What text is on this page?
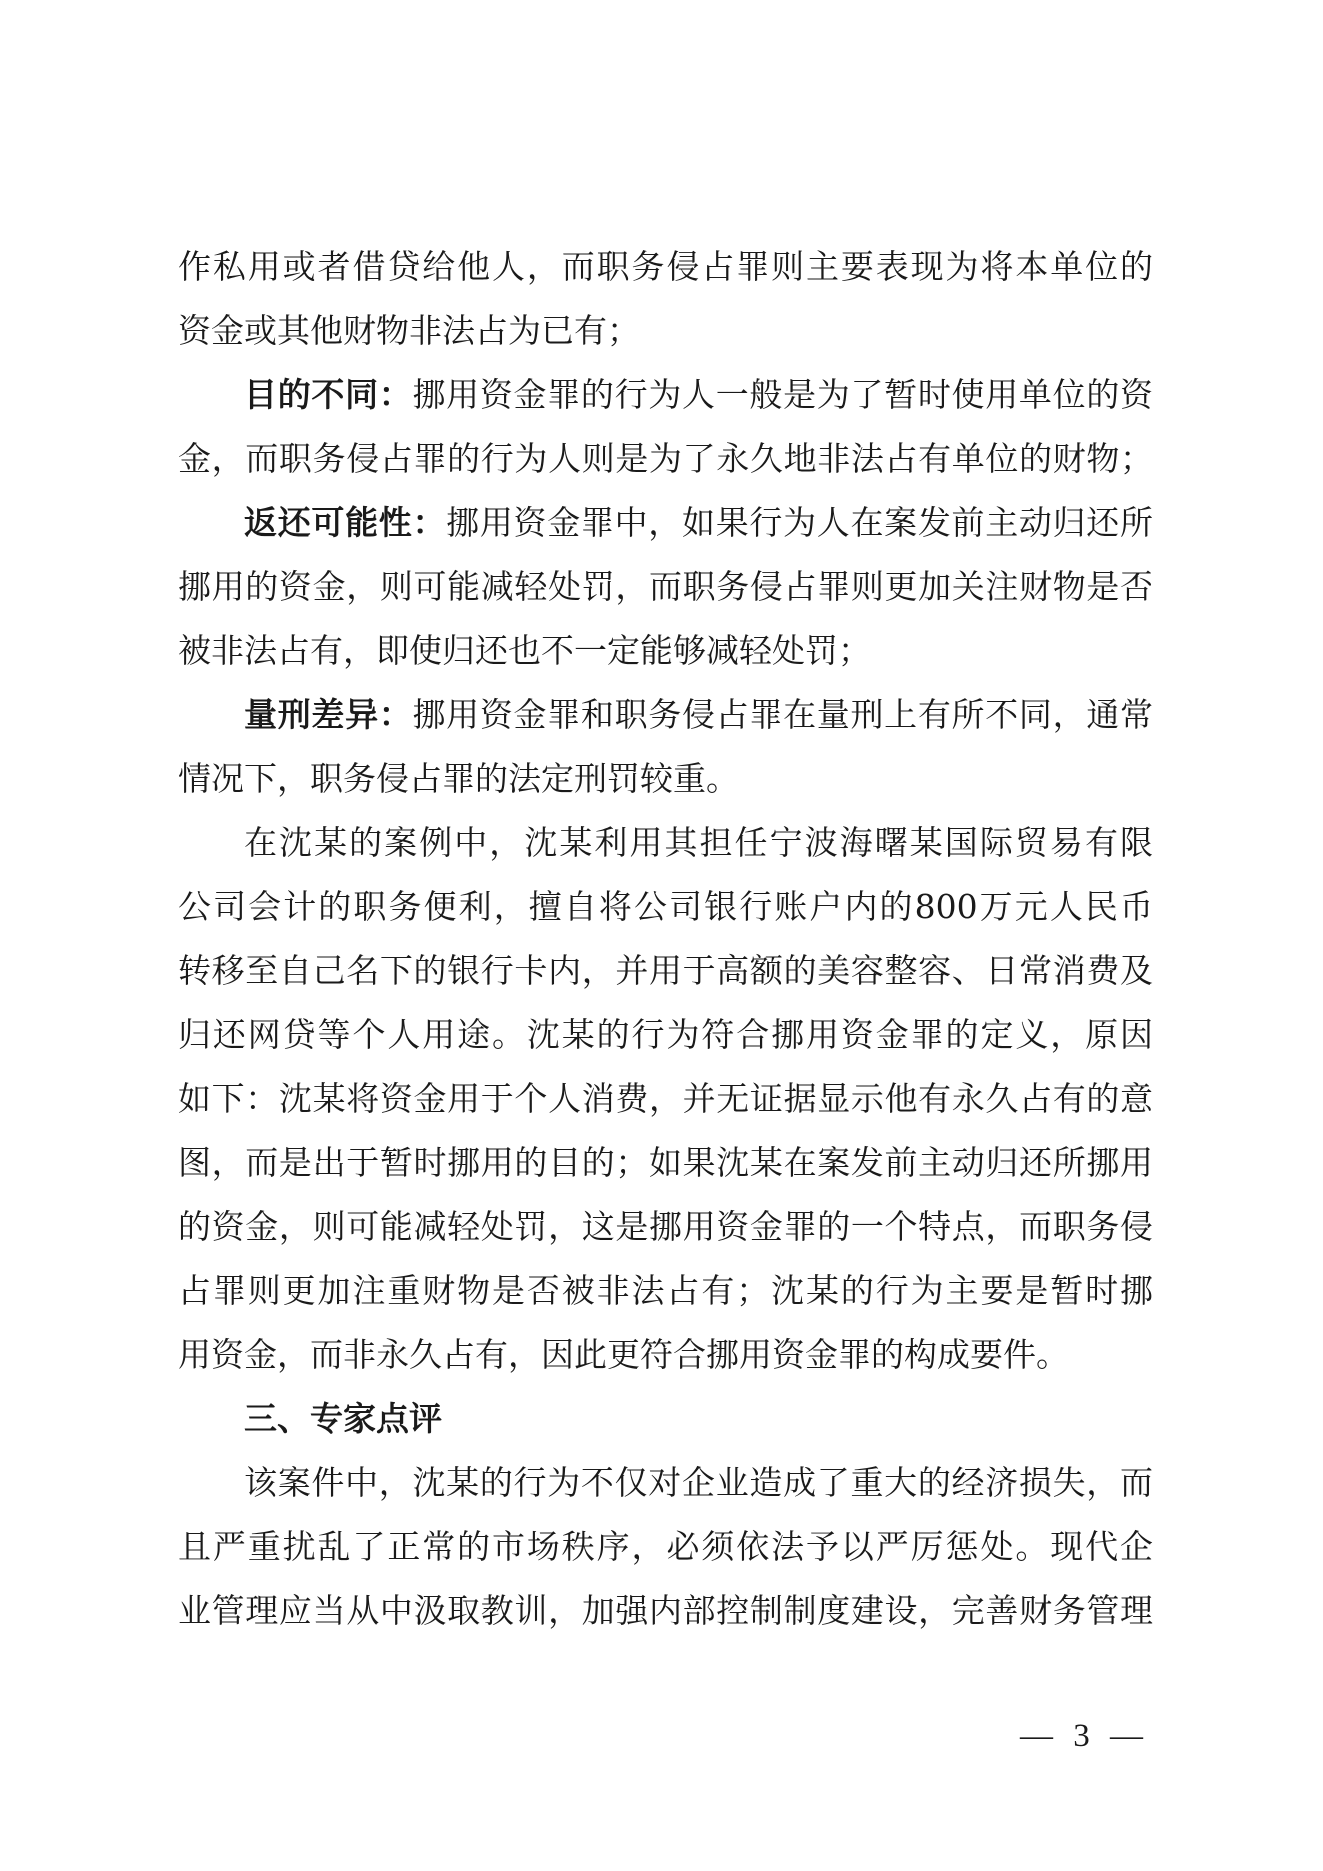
作私用或者借贷给他人，而职务侵占罪则主要表现为将本单位的
资金或其他财物非法占为已有；
目的不同：挪用资金罪的行为人一般是为了暂时使用单位的资
金，而职务侵占罪的行为人则是为了永久地非法占有单位的财物；
返还可能性：挪用资金罪中，如果行为人在案发前主动归还所
挪用的资金，则可能减轻处罚，而职务侵占罪则更加关注财物是否
被非法占有，即使归还也不一定能够减轻处罚；
量刑差异：挪用资金罪和职务侵占罪在量刑上有所不同，通常
情况下，职务侵占罪的法定刑罚较重。
在沈某的案例中，沈某利用其担任宁波海曙某国际贸易有限
公司会计的职务便利，擅自将公司银行账户内的800万元人民币
转移至自己名下的银行卡内，并用于高额的美容整容、日常消费及
归还网贷等个人用途。沈某的行为符合挪用资金罪的定义，原因
如下：沈某将资金用于个人消费，并无证据显示他有永久占有的意
图，而是出于暂时挪用的目的；如果沈某在案发前主动归还所挪用
的资金，则可能减轻处罚，这是挪用资金罪的一个特点，而职务侵
占罪则更加注重财物是否被非法占有；沈某的行为主要是暂时挪
用资金，而非永久占有，因此更符合挪用资金罪的构成要件。
三、专家点评
该案件中，沈某的行为不仅对企业造成了重大的经济损失，而
且严重扰乱了正常的市场秩序，必须依法予以严厉惩处。现代企
业管理应当从中汲取教训，加强内部控制制度建设，完善财务管理
— 3 —
